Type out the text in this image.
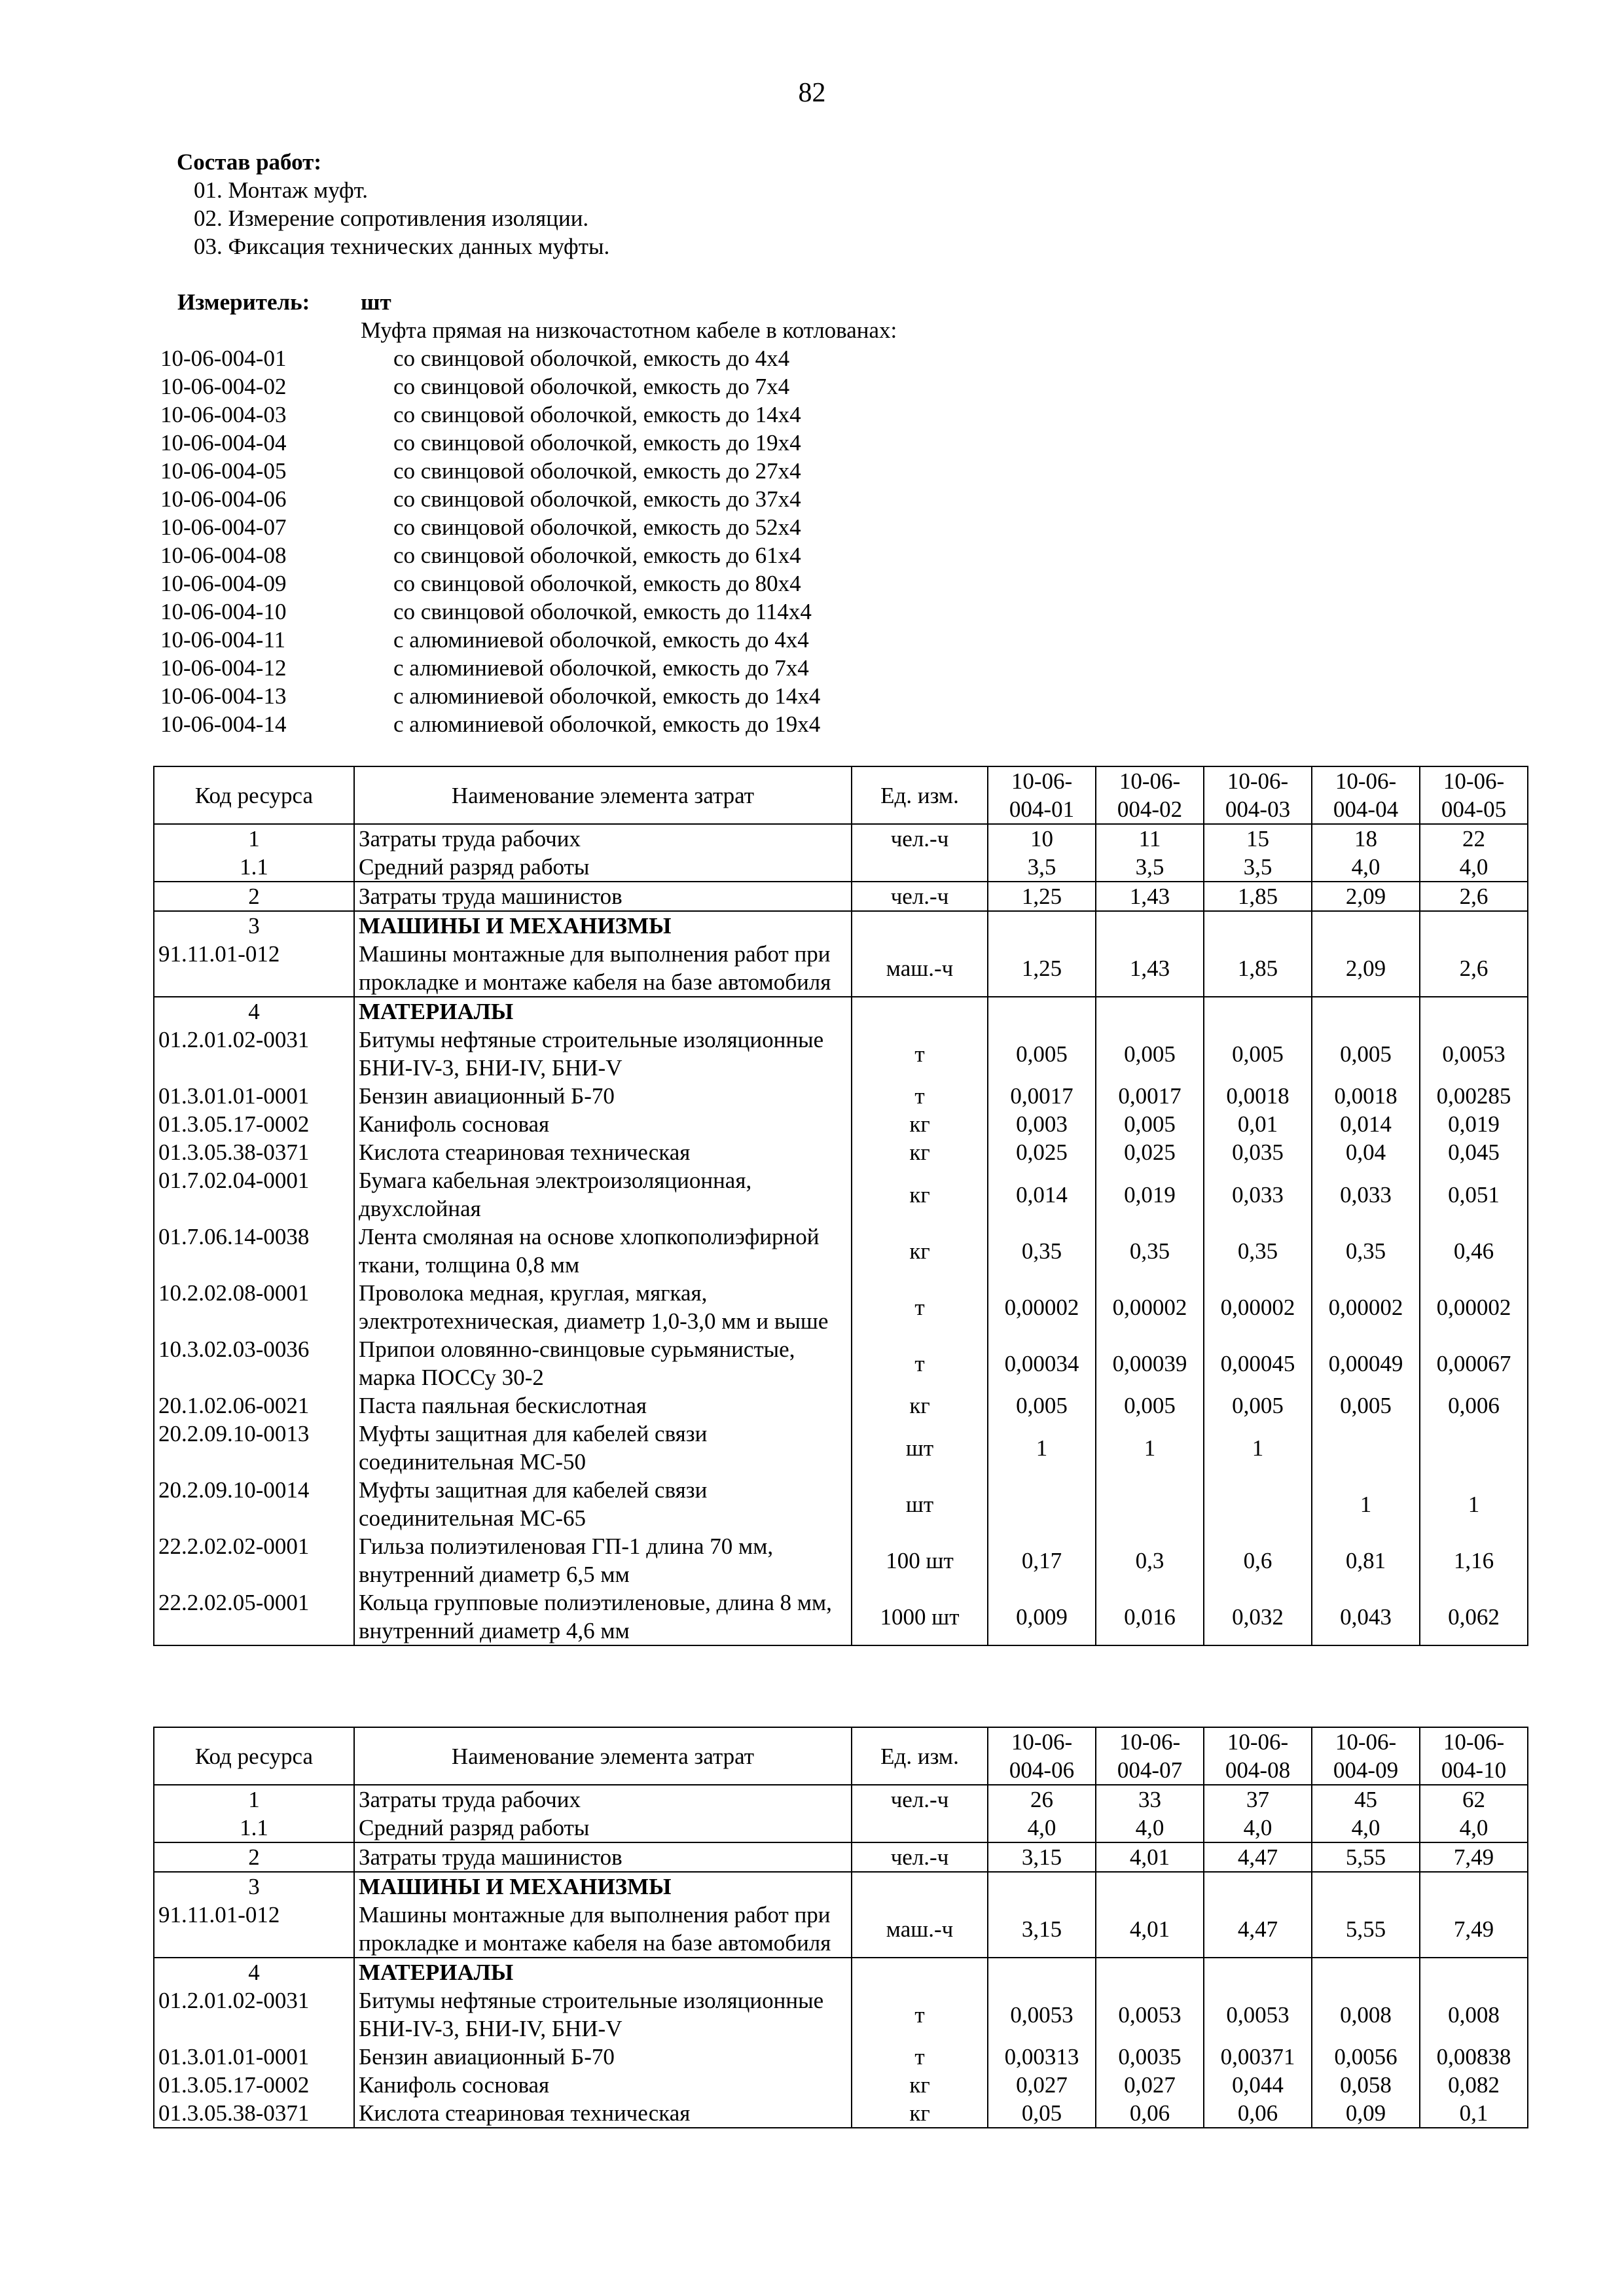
82
Состав работ:
01. Монтаж муфт.
02. Измерение сопротивления изоляции.
03. Фиксация технических данных муфты.
Измеритель:	шт
Муфта прямая на низкочастотном кабеле в котлованах:
10-06-004-01	со свинцовой оболочкой, емкость до 4х4
10-06-004-02	со свинцовой оболочкой, емкость до 7х4
10-06-004-03	со свинцовой оболочкой, емкость до 14х4
10-06-004-04	со свинцовой оболочкой, емкость до 19х4
10-06-004-05	со свинцовой оболочкой, емкость до 27х4
10-06-004-06	со свинцовой оболочкой, емкость до 37х4
10-06-004-07	со свинцовой оболочкой, емкость до 52х4
10-06-004-08	со свинцовой оболочкой, емкость до 61х4
10-06-004-09	со свинцовой оболочкой, емкость до 80х4
10-06-004-10	со свинцовой оболочкой, емкость до 114х4
10-06-004-11	с алюминиевой оболочкой, емкость до 4х4
10-06-004-12	с алюминиевой оболочкой, емкость до 7х4
10-06-004-13	с алюминиевой оболочкой, емкость до 14х4
10-06-004-14	с алюминиевой оболочкой, емкость до 19х4
Код ресурса	Наименование элемента затрат	Ед. изм.	10-06-004-01	10-06-004-02	10-06-004-03	10-06-004-04	10-06-004-05
1	Затраты труда рабочих	чел.-ч	10	11	15	18	22
1.1	Средний разряд работы		3,5	3,5	3,5	4,0	4,0
2	Затраты труда машинистов	чел.-ч	1,25	1,43	1,85	2,09	2,6
3	МАШИНЫ И МЕХАНИЗМЫ						
91.11.01-012	Машины монтажные для выполнения работ при прокладке и монтаже кабеля на базе автомобиля	маш.-ч	1,25	1,43	1,85	2,09	2,6
4	МАТЕРИАЛЫ						
01.2.01.02-0031	Битумы нефтяные строительные изоляционные БНИ-IV-3, БНИ-IV, БНИ-V	т	0,005	0,005	0,005	0,005	0,0053
01.3.01.01-0001	Бензин авиационный Б-70	т	0,0017	0,0017	0,0018	0,0018	0,00285
01.3.05.17-0002	Канифоль сосновая	кг	0,003	0,005	0,01	0,014	0,019
01.3.05.38-0371	Кислота стеариновая техническая	кг	0,025	0,025	0,035	0,04	0,045
01.7.02.04-0001	Бумага кабельная электроизоляционная, двухслойная	кг	0,014	0,019	0,033	0,033	0,051
01.7.06.14-0038	Лента смоляная на основе хлопкополиэфирной ткани, толщина 0,8 мм	кг	0,35	0,35	0,35	0,35	0,46
10.2.02.08-0001	Проволока медная, круглая, мягкая, электротехническая, диаметр 1,0-3,0 мм и выше	т	0,00002	0,00002	0,00002	0,00002	0,00002
10.3.02.03-0036	Припои оловянно-свинцовые сурьмянистые, марка ПОССу 30-2	т	0,00034	0,00039	0,00045	0,00049	0,00067
20.1.02.06-0021	Паста паяльная бескислотная	кг	0,005	0,005	0,005	0,005	0,006
20.2.09.10-0013	Муфты защитная для кабелей связи соединительная МС-50	шт	1	1	1		
20.2.09.10-0014	Муфты защитная для кабелей связи соединительная МС-65	шт				1	1
22.2.02.02-0001	Гильза полиэтиленовая ГП-1 длина 70 мм, внутренний диаметр 6,5 мм	100 шт	0,17	0,3	0,6	0,81	1,16
22.2.02.05-0001	Кольца групповые полиэтиленовые, длина 8 мм, внутренний диаметр 4,6 мм	1000 шт	0,009	0,016	0,032	0,043	0,062
Код ресурса	Наименование элемента затрат	Ед. изм.	10-06-004-06	10-06-004-07	10-06-004-08	10-06-004-09	10-06-004-10
1	Затраты труда рабочих	чел.-ч	26	33	37	45	62
1.1	Средний разряд работы		4,0	4,0	4,0	4,0	4,0
2	Затраты труда машинистов	чел.-ч	3,15	4,01	4,47	5,55	7,49
3	МАШИНЫ И МЕХАНИЗМЫ						
91.11.01-012	Машины монтажные для выполнения работ при прокладке и монтаже кабеля на базе автомобиля	маш.-ч	3,15	4,01	4,47	5,55	7,49
4	МАТЕРИАЛЫ						
01.2.01.02-0031	Битумы нефтяные строительные изоляционные БНИ-IV-3, БНИ-IV, БНИ-V	т	0,0053	0,0053	0,0053	0,008	0,008
01.3.01.01-0001	Бензин авиационный Б-70	т	0,00313	0,0035	0,00371	0,0056	0,00838
01.3.05.17-0002	Канифоль сосновая	кг	0,027	0,027	0,044	0,058	0,082
01.3.05.38-0371	Кислота стеариновая техническая	кг	0,05	0,06	0,06	0,09	0,1
